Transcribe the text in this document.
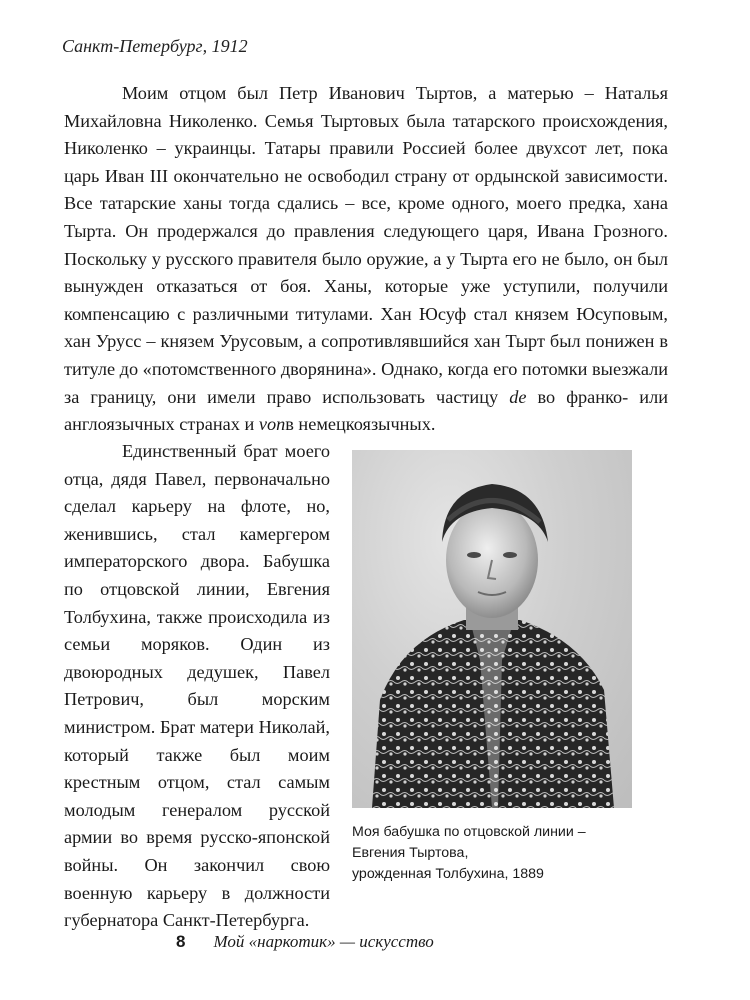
Санкт-Петербург, 1912
Моим отцом был Петр Иванович Тыртов, а матерью – Наталья Михайловна Николенко. Семья Тыртовых была татарского происхождения, Николенко – украинцы. Татары правили Россией более двухсот лет, пока царь Иван III окончательно не освободил страну от ордынской зависимости. Все татарские ханы тогда сдались – все, кроме одного, моего предка, хана Тырта. Он продержался до правления следующего царя, Ивана Грозного. Поскольку у русского правителя было оружие, а у Тырта его не было, он был вынужден отказаться от боя. Ханы, которые уже уступили, получили компенсацию с различными титулами. Хан Юсуф стал князем Юсуповым, хан Урусс – князем Урусовым, а сопротивлявшийся хан Тырт был понижен в титуле до «потомственного дворянина». Однако, когда его потомки выезжали за границу, они имели право использовать частицу de во франко- или англоязычных странах и vonв немецкоязычных.
Единственный брат моего отца, дядя Павел, первоначально сделал карьеру на флоте, но, женившись, стал камергером императорского двора. Бабушка по отцовской линии, Евгения Толбухина, также происходила из семьи моряков. Один из двоюродных дедушек, Павел Петрович, был морским министром. Брат матери Николай, который также был моим крестным отцом, стал самым молодым генералом русской армии во время русско-японской войны. Он закончил свою военную карьеру в должности губернатора Санкт-Петербурга.
Моя бабушка по отцовской линии –
Евгения Тыртова,
урожденная Толбухина, 1889
8 Мой «наркотик» — искусство
